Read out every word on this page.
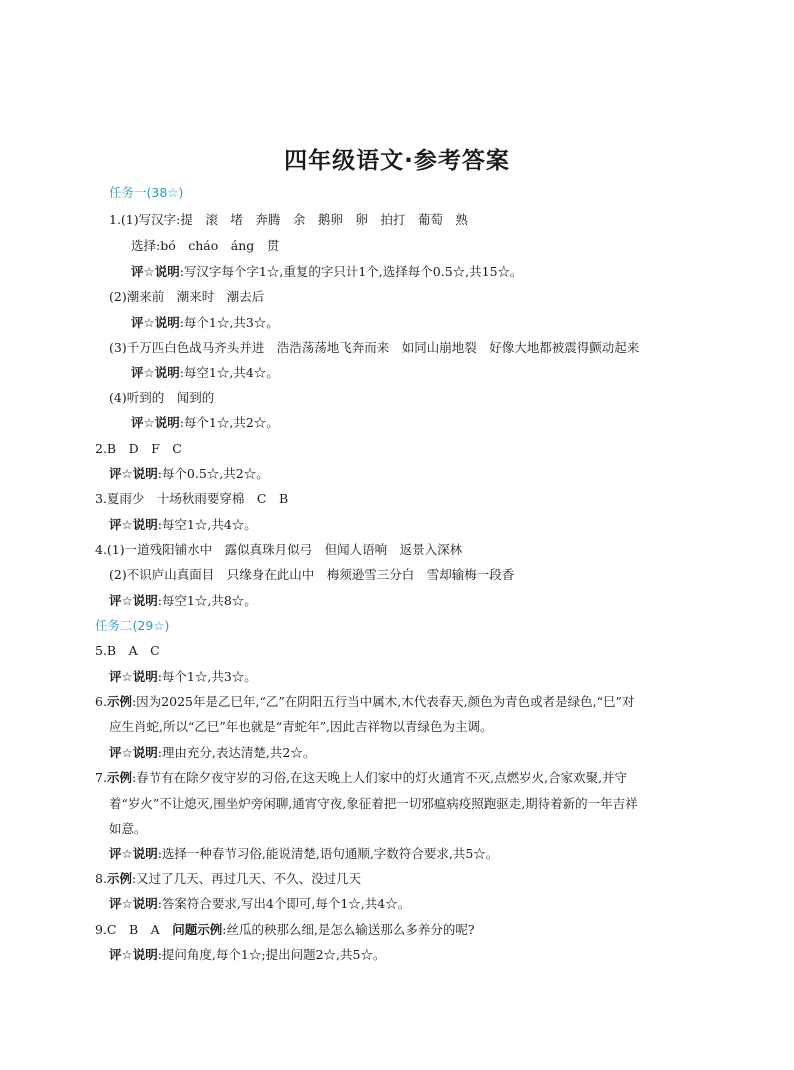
四年级语文·参考答案
任务一(38☆)
1.(1)写汉字:提　滚　堵　奔腾　余　鹅卵　卵　拍打　葡萄　熟
选择:bó　cháo　áng　贯
评☆说明:写汉字每个字1☆,重复的字只计1个,选择每个0.5☆,共15☆。
(2)潮来前　潮来时　潮去后
评☆说明:每个1☆,共3☆。
(3)千万匹白色战马齐头并进　浩浩荡荡地飞奔而来　如同山崩地裂　好像大地都被震得颤动起来
评☆说明:每空1☆,共4☆。
(4)听到的　闻到的
评☆说明:每个1☆,共2☆。
2.B　D　F　C
评☆说明:每个0.5☆,共2☆。
3.夏雨少　十场秋雨要穿棉　C　B
评☆说明:每空1☆,共4☆。
4.(1)一道残阳铺水中　露似真珠月似弓　但闻人语响　返景入深林
(2)不识庐山真面目　只缘身在此山中　梅须逊雪三分白　雪却输梅一段香
评☆说明:每空1☆,共8☆。
任务二(29☆)
5.B　A　C
评☆说明:每个1☆,共3☆。
6.示例:因为2025年是乙巳年,“乙”在阴阳五行当中属木,木代表春天,颜色为青色或者是绿色,“巳”对
应生肖蛇,所以“乙巳”年也就是“青蛇年”,因此吉祥物以青绿色为主调。
评☆说明:理由充分,表达清楚,共2☆。
7.示例:春节有在除夕夜守岁的习俗,在这天晚上人们家中的灯火通宵不灭,点燃岁火,合家欢聚,并守
着“岁火”不让熄灭,围坐炉旁闲聊,通宵守夜,象征着把一切邪瘟病疫照跑驱走,期待着新的一年吉祥
如意。
评☆说明:选择一种春节习俗,能说清楚,语句通顺,字数符合要求,共5☆。
8.示例:又过了几天、再过几天、不久、没过几天
评☆说明:答案符合要求,写出4个即可,每个1☆,共4☆。
9.C　B　A　问题示例:丝瓜的秧那么细,是怎么输送那么多养分的呢?
评☆说明:提问角度,每个1☆;提出问题2☆,共5☆。
